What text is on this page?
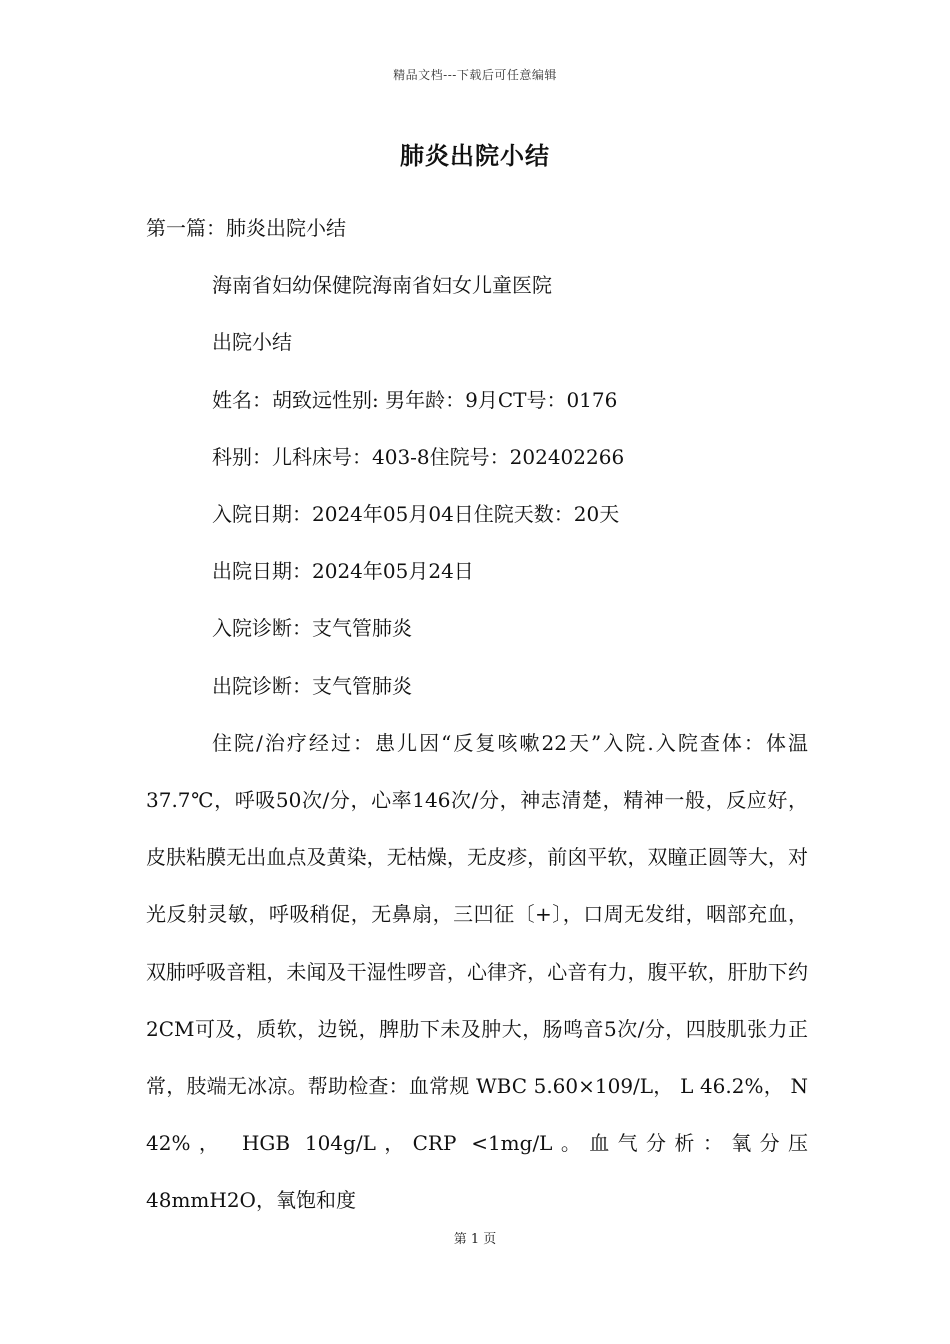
精品文档---下载后可任意编辑
肺炎出院小结

第一篇：肺炎出院小结

海南省妇幼保健院海南省妇女儿童医院

出院小结

姓名：胡致远性别: 男年龄：9月CT号：0176

科别：儿科床号：403-8住院号：202402266

入院日期：2024年05月04日住院天数：20天

出院日期：2024年05月24日

入院诊断：支气管肺炎

出院诊断：支气管肺炎

住院/治疗经过：患儿因“反复咳嗽22天”入院.入院查体：体温37.7℃，呼吸50次/分，心率146次/分，神志清楚，精神一般，反应好，皮肤粘膜无出血点及黄染，无枯燥，无皮疹，前囟平软，双瞳正圆等大，对光反射灵敏，呼吸稍促，无鼻扇，三凹征〔+〕，口周无发绀，咽部充血，双肺呼吸音粗，未闻及干湿性啰音，心律齐，心音有力，腹平软，肝肋下约2CM可及，质软，边锐，脾肋下未及肿大，肠鸣音5次/分，四肢肌张力正常，肢端无冰凉。帮助检查：血常规 WBC 5.60×109/L， L 46.2%， N 42%， HGB 104g/L，CRP <1mg/L。血气分析：氧分压 48mmH2O，氧饱和度

第 1 页
